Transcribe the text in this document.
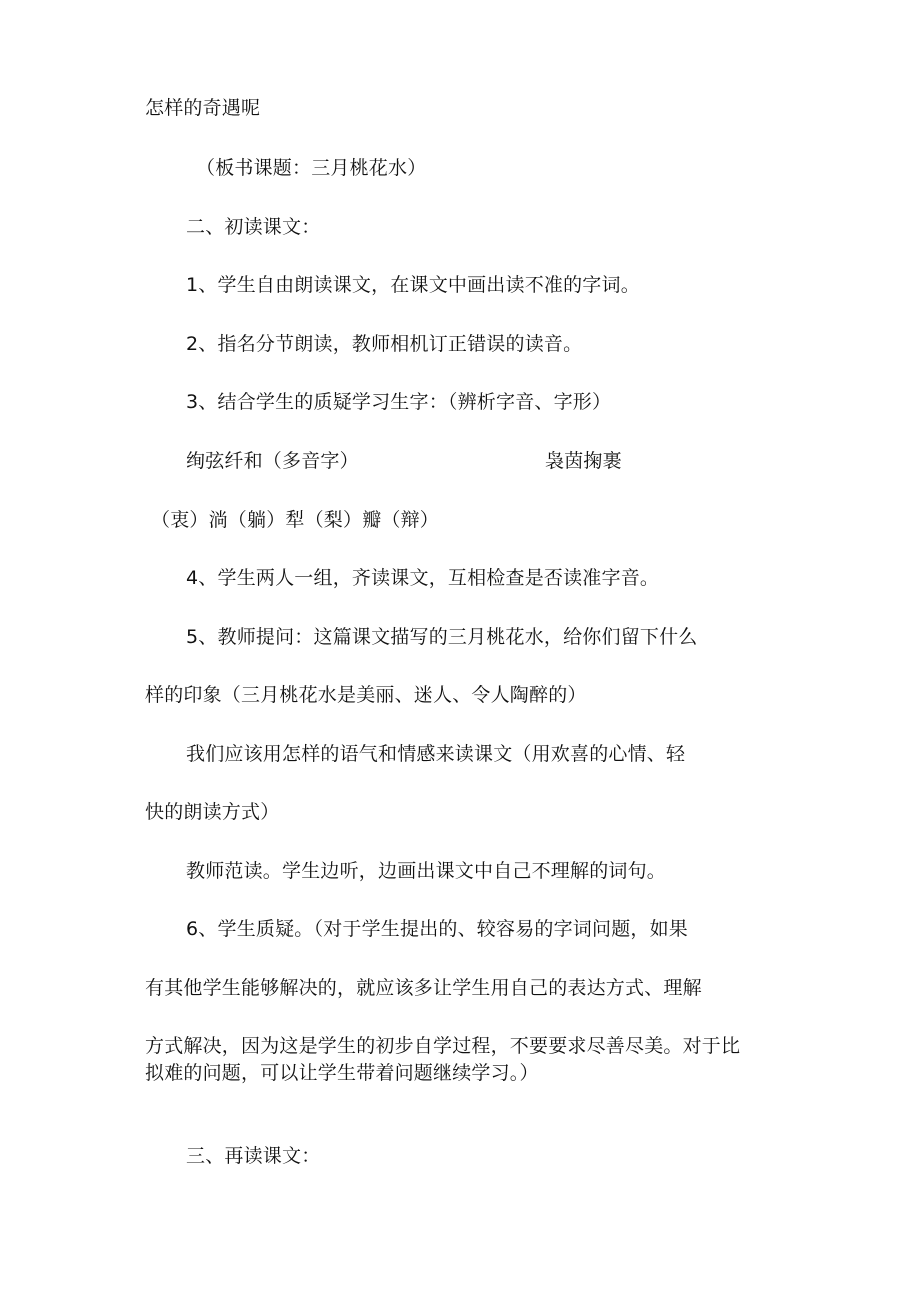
怎样的奇遇呢
（板书课题：三月桃花水）
二、初读课文：
1、学生自由朗读课文，在课文中画出读不准的字词。
2、指名分节朗读，教师相机订正错误的读音。
3、结合学生的质疑学习生字：（辨析字音、字形）
绚弦纤和（多音字）	袅茵掬裹
（衷）淌（躺）犁（梨）瓣（辩）
4、学生两人一组，齐读课文，互相检查是否读准字音。
5、教师提问：这篇课文描写的三月桃花水，给你们留下什么
样的印象（三月桃花水是美丽、迷人、令人陶醉的）
我们应该用怎样的语气和情感来读课文（用欢喜的心情、轻
快的朗读方式）
教师范读。学生边听，边画出课文中自己不理解的词句。
6、学生质疑。（对于学生提出的、较容易的字词问题，如果
有其他学生能够解决的，就应该多让学生用自己的表达方式、理解
方式解决，因为这是学生的初步自学过程，不要要求尽善尽美。对于比
拟难的问题，可以让学生带着问题继续学习。）
三、再读课文：
